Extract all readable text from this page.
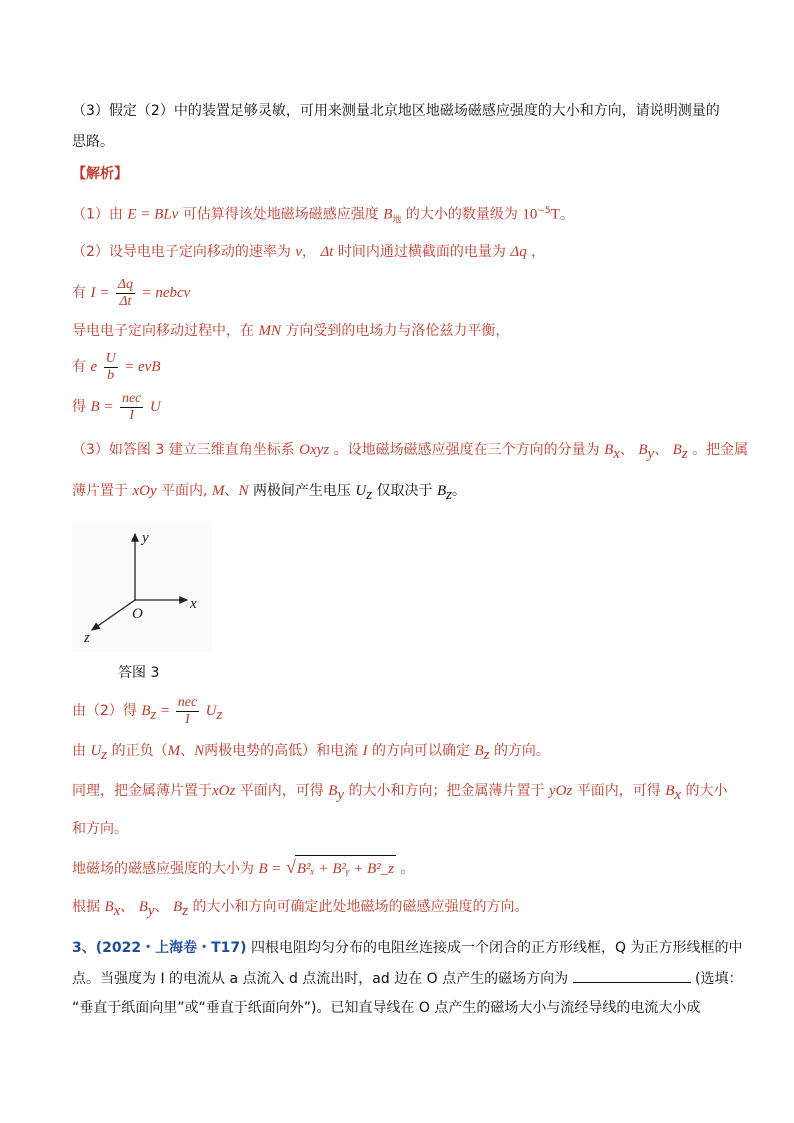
（3）假定（2）中的装置足够灵敏，可用来测量北京地区地磁场磁感应强度的大小和方向，请说明测量的
思路。
【解析】
（1）由 E = BLv 可估算得该处地磁场磁感应强度 $B_地$ 的大小的数量级为 $10^{-5}T$。
（2）设导电电子定向移动的速率为 v， Δt 时间内通过横截面的电量为 Δq ，
有 $I = \frac{\Delta q}{\Delta t}$ = nebcv
导电电子定向移动过程中，在 MN 方向受到的电场力与洛伦兹力平衡，
有 e $\frac{U}{b}$ = evB
得 $B = \frac{\text{nec}}{I}$ U
（3）如答图 3 建立三维直角坐标系 Oxyz 。设地磁场磁感应强度在三个方向的分量为 $B_x$、 $B_y$、 $B_z$ 。把金属
薄片置于 xOy 平面内, M、N 两极间产生电压 $U_z$ 仅取决于 $B_z$。
y
x
z
O
答图 3
由（2）得 $B_z = \frac{\text{nec}}{I} U_z$
由 $U_z$ 的正负（M、N两极电势的高低）和电流 I 的方向可以确定 $B_z$ 的方向。
同理，把金属薄片置于xOz 平面内，可得 $B_y$ 的大小和方向；把金属薄片置于 yOz 平面内，可得 $B_x$ 的大小
和方向。
地磁场的磁感应强度的大小为 B = √B²ₓ + B²ᵧ + B²_z 。
根据 $B_x$、 $B_y$、 $B_z$ 的大小和方向可确定此处地磁场的磁感应强度的方向。
3、(2022・上海卷・T17) 四根电阻均匀分布的电阻丝连接成一个闭合的正方形线框，Q 为正方形线框的中
点。当强度为 I 的电流从 a 点流入 d 点流出时，ad 边在 O 点产生的磁场方向为	(选填：
“垂直于纸面向里”或“垂直于纸面向外”)。已知直导线在 O 点产生的磁场大小与流经导线的电流大小成
